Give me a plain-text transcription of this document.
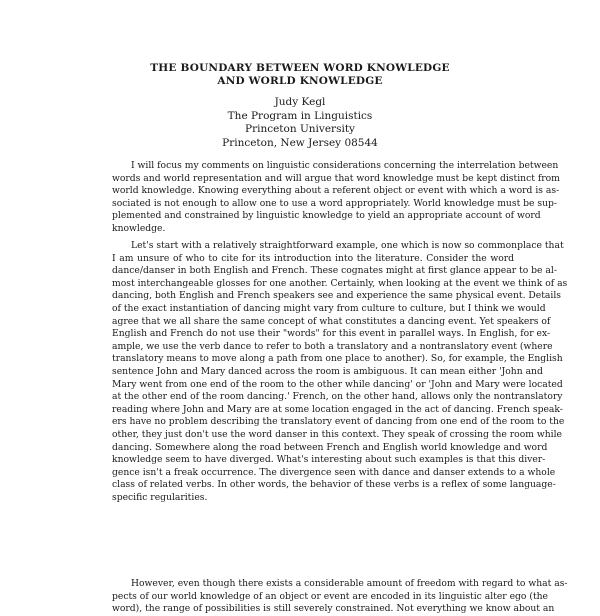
THE BOUNDARY BETWEEN WORD KNOWLEDGE
AND WORLD KNOWLEDGE
Judy Kegl
The Program in Linguistics
Princeton University
Princeton, New Jersey 08544
I will focus my comments on linguistic considerations concerning the interrelation between
words and world representation and will argue that word knowledge must be kept distinct from
world knowledge. Knowing everything about a referent object or event with which a word is as-
sociated is not enough to allow one to use a word appropriately. World knowledge must be sup-
plemented and constrained by linguistic knowledge to yield an appropriate account of word
knowledge.
Let's start with a relatively straightforward example, one which is now so commonplace that
I am unsure of who to cite for its introduction into the literature. Consider the word
dance/danser in both English and French. These cognates might at first glance appear to be al-
most interchangeable glosses for one another. Certainly, when looking at the event we think of as
dancing, both English and French speakers see and experience the same physical event. Details
of the exact instantiation of dancing might vary from culture to culture, but I think we would
agree that we all share the same concept of what constitutes a dancing event. Yet speakers of
English and French do not use their "words" for this event in parallel ways. In English, for ex-
ample, we use the verb dance to refer to both a translatory and a nontranslatory event (where
translatory means to move along a path from one place to another). So, for example, the English
sentence John and Mary danced across the room is ambiguous. It can mean either 'John and
Mary went from one end of the room to the other while dancing' or 'John and Mary were located
at the other end of the room dancing.' French, on the other hand, allows only the nontranslatory
reading where John and Mary are at some location engaged in the act of dancing. French speak-
ers have no problem describing the translatory event of dancing from one end of the room to the
other, they just don't use the word danser in this context. They speak of crossing the room while
dancing. Somewhere along the road between French and English world knowledge and word
knowledge seem to have diverged. What's interesting about such examples is that this diver-
gence isn't a freak occurrence. The divergence seen with dance and danser extends to a whole
class of related verbs. In other words, the behavior of these verbs is a reflex of some language-
specific regularities.
However, even though there exists a considerable amount of freedom with regard to what as-
pects of our world knowledge of an object or event are encoded in its linguistic alter ego (the
word), the range of possibilities is still severely constrained. Not everything we know about an
